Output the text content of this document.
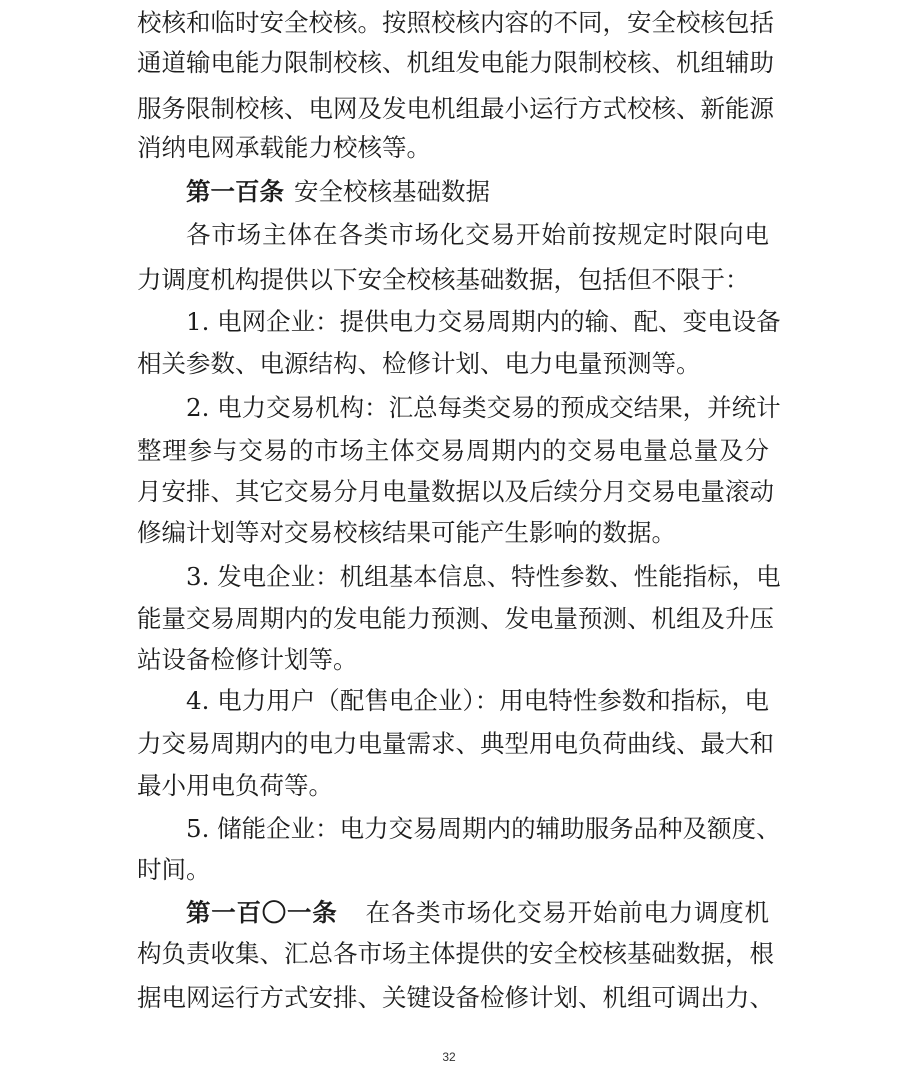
校核和临时安全校核。按照校核内容的不同，安全校核包括
通道输电能力限制校核、机组发电能力限制校核、机组辅助
服务限制校核、电网及发电机组最小运行方式校核、新能源
消纳电网承载能力校核等。
第一百条 安全校核基础数据
各市场主体在各类市场化交易开始前按规定时限向电
力调度机构提供以下安全校核基础数据，包括但不限于：
1. 电网企业：提供电力交易周期内的输、配、变电设备
相关参数、电源结构、检修计划、电力电量预测等。
2. 电力交易机构：汇总每类交易的预成交结果，并统计
整理参与交易的市场主体交易周期内的交易电量总量及分
月安排、其它交易分月电量数据以及后续分月交易电量滚动
修编计划等对交易校核结果可能产生影响的数据。
3. 发电企业：机组基本信息、特性参数、性能指标，电
能量交易周期内的发电能力预测、发电量预测、机组及升压
站设备检修计划等。
4. 电力用户（配售电企业）：用电特性参数和指标，电
力交易周期内的电力电量需求、典型用电负荷曲线、最大和
最小用电负荷等。
5. 储能企业：电力交易周期内的辅助服务品种及额度、
时间。
第一百〇一条 在各类市场化交易开始前电力调度机
构负责收集、汇总各市场主体提供的安全校核基础数据，根
据电网运行方式安排、关键设备检修计划、机组可调出力、
32
